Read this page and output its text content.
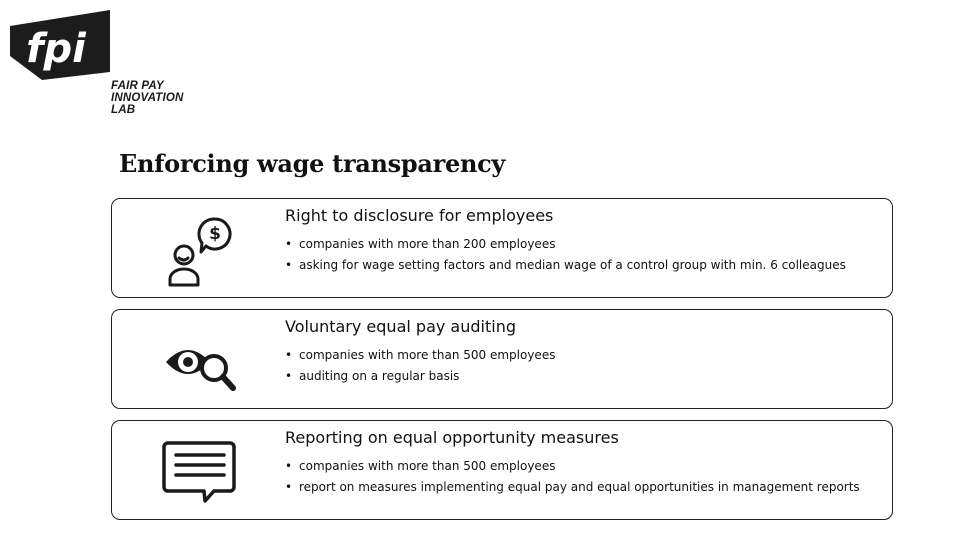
fpi
FAIR PAY
INNOVATION
LAB
Enforcing wage transparency
$
Right to disclosure for employees
• companies with more than 200 employees
• asking for wage setting factors and median wage of a control group with min. 6 colleagues
Voluntary equal pay auditing
• companies with more than 500 employees
• auditing on a regular basis
Reporting on equal opportunity measures
• companies with more than 500 employees
• report on measures implementing equal pay and equal opportunities in management reports
